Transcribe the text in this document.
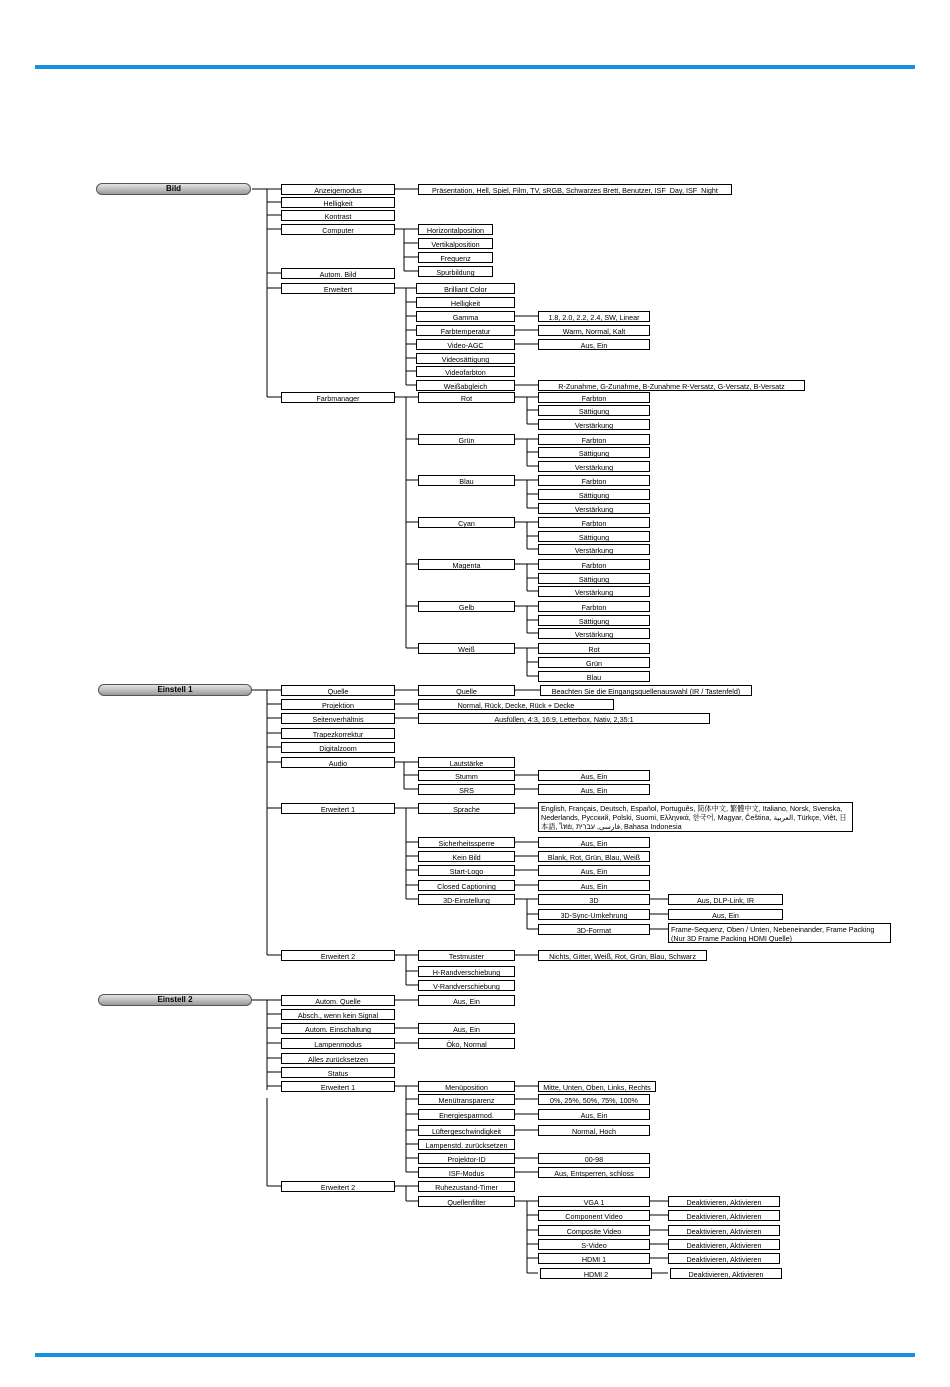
Bild	Anzeigemodus	Präsentation, Hell, Spiel, Film, TV, sRGB, Schwarzes Brett, Benutzer, ISF_Day, ISF_Night
Helligkeit
Kontrast
Computer	Horizontalposition
Vertikalposition
Frequenz
Spurbildung
Autom. Bild
Erweitert	Brilliant Color
Helligkeit
Gamma	1.8, 2.0, 2.2, 2.4, SW, Linear
Farbtemperatur	Warm, Normal, Kalt
Video-AGC	Aus, Ein
Videosättigung
Videofarbton
Weißabgleich	R-Zunahme, G-Zunahme, B-Zunahme R-Versatz, G-Versatz, B-Versatz
Farbmanager	Rot	Farbton
Sättigung
Verstärkung
Grün	Farbton
Sättigung
Verstärkung
Blau	Farbton
Sättigung
Verstärkung
Cyan	Farbton
Sättigung
Verstärkung
Magenta	Farbton
Sättigung
Verstärkung
Gelb	Farbton
Sättigung
Verstärkung
Weiß	Rot
Grün
Blau
Einstell 1	Quelle	Quelle	Beachten Sie die Eingangsquellenauswahl (IR / Tastenfeld)
Projektion	Normal, Rück, Decke, Rück + Decke
Seitenverhältnis	Ausfüllen, 4:3, 16:9, Letterbox, Nativ, 2,35:1
Trapezkorrektur
Digitalzoom
Audio	Lautstärke
Stumm	Aus, Ein
SRS	Aus, Ein
Erweitert 1	Sprache	English, Français, Deutsch, Español, Português, 简体中文, 繁體中文, Italiano, Norsk, Svenska, Nederlands, Русский, Polski, Suomi, Ελληνικά, 한국어, Magyar, Čeština, العربية, Türkçe, Việt, 日本語, ไทย, فارسی, עברית, Bahasa Indonesia
Sicherheitssperre	Aus, Ein
Kein Bild	Blank, Rot, Grün, Blau, Weiß
Start-Logo	Aus, Ein
Closed Captioning	Aus, Ein
3D-Einstellung	3D	Aus, DLP-Link, IR
3D-Sync-Umkehrung	Aus, Ein
3D-Format	Frame-Sequenz, Oben / Unten, Nebeneinander, Frame Packing (Nur 3D Frame Packing HDMI Quelle)
Erweitert 2	Testmuster	Nichts, Gitter, Weiß, Rot, Grün, Blau, Schwarz
H-Randverschiebung
V-Randverschiebung
Einstell 2	Autom. Quelle	Aus, Ein
Absch., wenn kein Signal
Autom. Einschaltung	Aus, Ein
Lampenmodus	Öko, Normal
Alles zurücksetzen
Status
Erweitert 1	Menüposition	Mitte, Unten, Oben, Links, Rechts
Menütransparenz	0%, 25%, 50%, 75%, 100%
Energiesparmod.	Aus, Ein
Lüftergeschwindigkeit	Normal, Hoch
Lampenstd. zurücksetzen
Projektor-ID	00-98
ISF-Modus	Aus, Entsperren, schloss
Erweitert 2	Ruhezustand-Timer
Quellenfilter	VGA 1	Deaktivieren, Aktivieren
Component Video	Deaktivieren, Aktivieren
Composite Video	Deaktivieren, Aktivieren
S-Video	Deaktivieren, Aktivieren
HDMI 1	Deaktivieren, Aktivieren
HDMI 2	Deaktivieren, Aktivieren
